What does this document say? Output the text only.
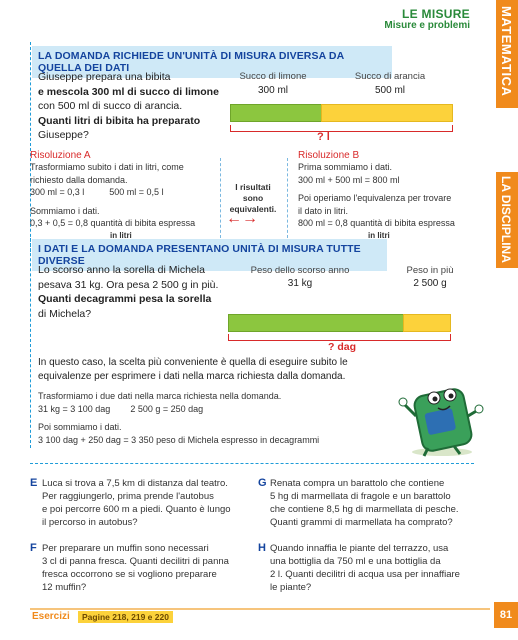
LE MISURE
Misure e problemi MATEMATICA
LA DISCIPLINA
LA DOMANDA RICHIEDE UN'UNITÀ DI MISURA DIVERSA DA QUELLA DEI DATI
Giuseppe prepara una bibita
e mescola 300 ml di succo di limone
con 500 ml di succo di arancia.
Quanti litri di bibita ha preparato
Giuseppe?
Succo di limone
300 ml
Succo di arancia
500 ml
? l
Risoluzione A
Trasformiamo subito i dati in litri, come
richiesto dalla domanda.
300 ml = 0,3 l          500 ml = 0,5 l
Sommiamo i dati.
0,3 + 0,5 = 0,8 quantità di bibita espressa
in litri
I risultati sono equivalenti.
←→
Risoluzione B
Prima sommiamo i dati.
300 ml + 500 ml = 800 ml
Poi operiamo l'equivalenza per trovare
il dato in litri.
800 ml = 0,8 quantità di bibita espressa
in litri
I DATI E LA DOMANDA PRESENTANO UNITÀ DI MISURA TUTTE DIVERSE
Lo scorso anno la sorella di Michela
pesava 31 kg. Ora pesa 2 500 g in più.
Quanti decagrammi pesa la sorella
di Michela?
Peso dello scorso anno
31 kg
Peso in più
2 500 g
? dag
In questo caso, la scelta più conveniente è quella di eseguire subito le
equivalenze per esprimere i dati nella marca richiesta dalla domanda.
Trasformiamo i due dati nella marca richiesta nella domanda.
31 kg = 3 100 dag        2 500 g = 250 dag
Poi sommiamo i dati.
3 100 dag + 250 dag = 3 350 peso di Michela espresso in decagrammi
E Luca si trova a 7,5 km di distanza dal teatro.
Per raggiungerlo, prima prende l'autobus
e poi percorre 600 m a piedi. Quanto è lungo
il percorso in autobus?
F Per preparare un muffin sono necessari
3 cl di panna fresca. Quanti decilitri di panna
fresca occorrono se si vogliono preparare
12 muffin?
G Renata compra un barattolo che contiene
5 hg di marmellata di fragole e un barattolo
che contiene 8,5 hg di marmellata di pesche.
Quanti grammi di marmellata ha comprato?
H Quando innaffia le piante del terrazzo, usa
una bottiglia da 750 ml e una bottiglia da
2 l. Quanti decilitri di acqua usa per innaffiare
le piante?
Esercizi	Pagine 218, 219 e 220	81
